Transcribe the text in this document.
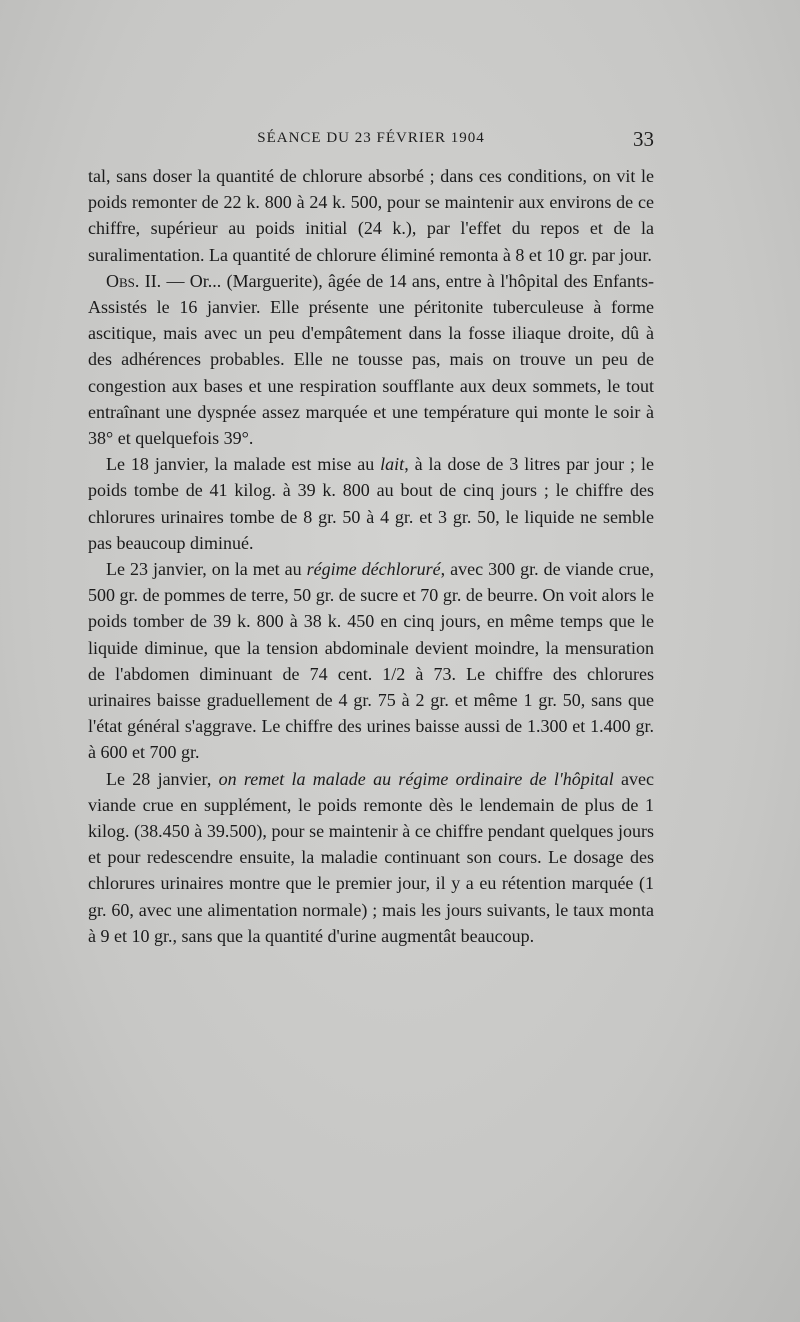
SÉANCE DU 23 FÉVRIER 1904	33

tal, sans doser la quantité de chlorure absorbé ; dans ces conditions, on vit le poids remonter de 22 k. 800 à 24 k. 500, pour se maintenir aux environs de ce chiffre, supérieur au poids initial (24 k.), par l'effet du repos et de la suralimentation. La quantité de chlorure éliminé remonta à 8 et 10 gr. par jour.

Obs. II. — Or... (Marguerite), âgée de 14 ans, entre à l'hôpital des Enfants-Assistés le 16 janvier. Elle présente une péritonite tuberculeuse à forme ascitique, mais avec un peu d'empâtement dans la fosse iliaque droite, dû à des adhérences probables. Elle ne tousse pas, mais on trouve un peu de congestion aux bases et une respiration soufflante aux deux sommets, le tout entraînant une dyspnée assez marquée et une température qui monte le soir à 38° et quelquefois 39°.

Le 18 janvier, la malade est mise au lait, à la dose de 3 litres par jour ; le poids tombe de 41 kilog. à 39 k. 800 au bout de cinq jours ; le chiffre des chlorures urinaires tombe de 8 gr. 50 à 4 gr. et 3 gr. 50, le liquide ne semble pas beaucoup diminué.

Le 23 janvier, on la met au régime déchloruré, avec 300 gr. de viande crue, 500 gr. de pommes de terre, 50 gr. de sucre et 70 gr. de beurre. On voit alors le poids tomber de 39 k. 800 à 38 k. 450 en cinq jours, en même temps que le liquide diminue, que la tension abdominale devient moindre, la mensuration de l'abdomen diminuant de 74 cent. 1/2 à 73. Le chiffre des chlorures urinaires baisse graduellement de 4 gr. 75 à 2 gr. et même 1 gr. 50, sans que l'état général s'aggrave. Le chiffre des urines baisse aussi de 1.300 et 1.400 gr. à 600 et 700 gr.

Le 28 janvier, on remet la malade au régime ordinaire de l'hôpital avec viande crue en supplément, le poids remonte dès le lendemain de plus de 1 kilog. (38.450 à 39.500), pour se maintenir à ce chiffre pendant quelques jours et pour redescendre ensuite, la maladie continuant son cours. Le dosage des chlorures urinaires montre que le premier jour, il y a eu rétention marquée (1 gr. 60, avec une alimentation normale) ; mais les jours suivants, le taux monta à 9 et 10 gr., sans que la quantité d'urine augmentât beaucoup.
